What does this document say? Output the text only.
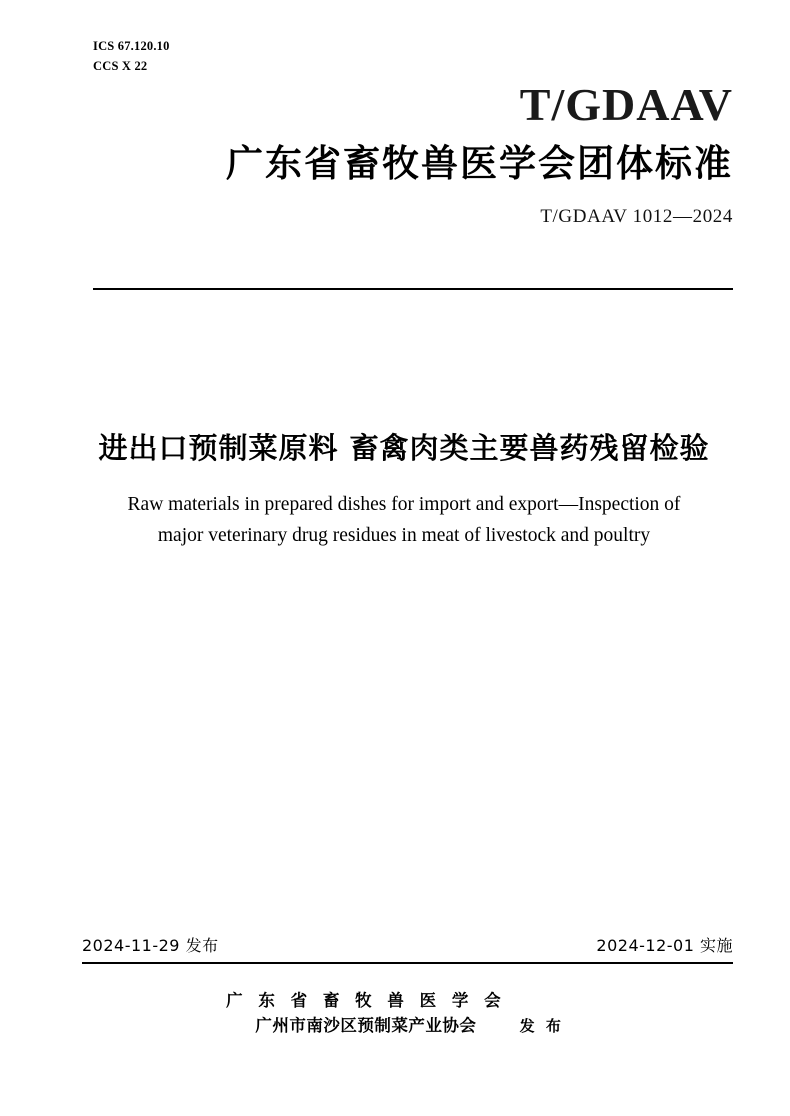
ICS 67.120.10
CCS X 22
T/GDAAV
广东省畜牧兽医学会团体标准
T/GDAAV 1012—2024
进出口预制菜原料 畜禽肉类主要兽药残留检验
Raw materials in prepared dishes for import and export—Inspection of
major veterinary drug residues in meat of livestock and poultry
2024-11-29 发布	2024-12-01 实施
广 东 省 畜 牧 兽 医 学 会
广州市南沙区预制菜产业协会	发 布
